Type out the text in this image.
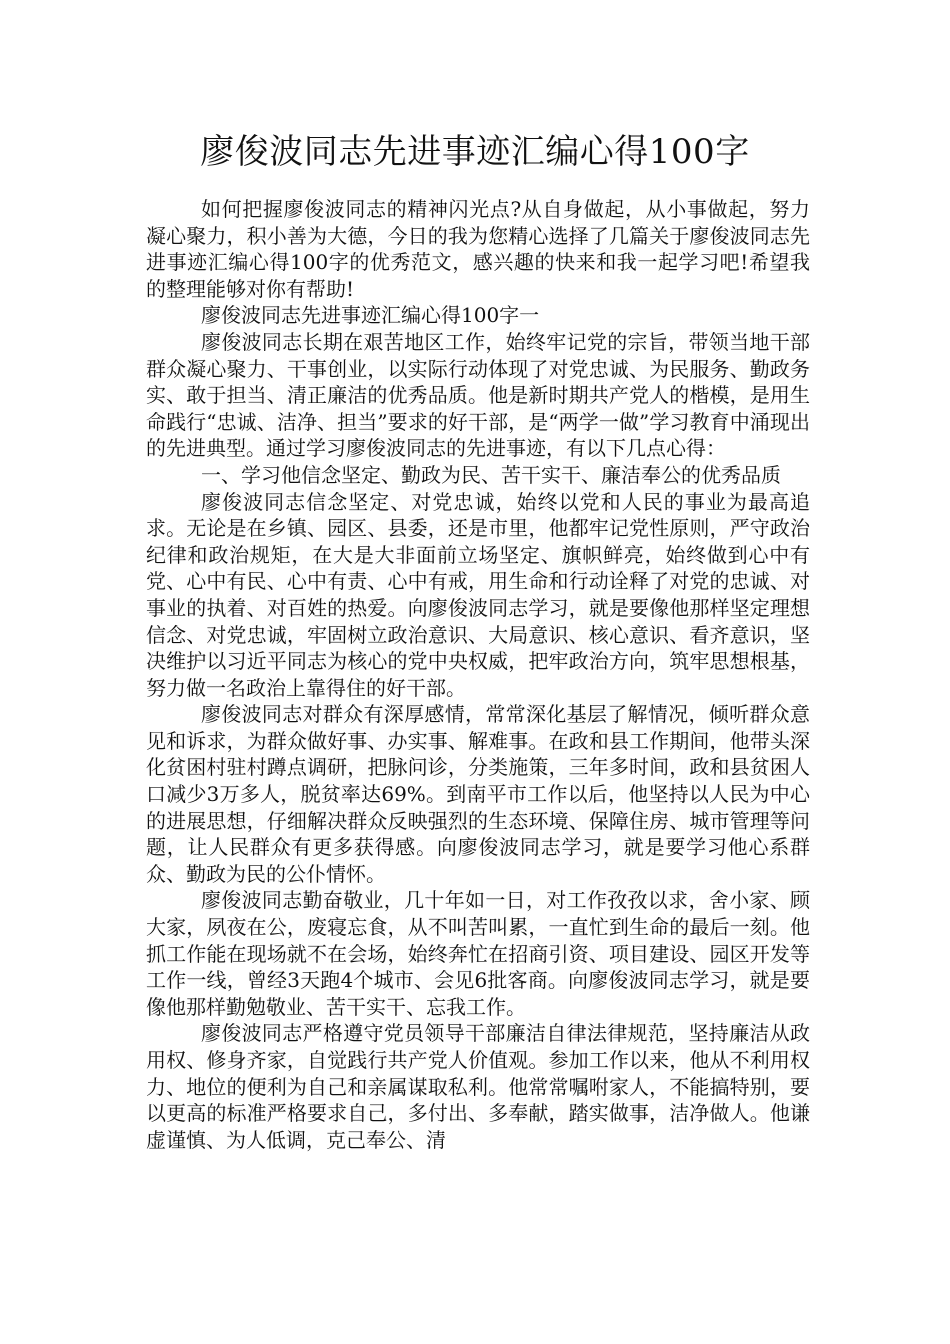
廖俊波同志先进事迹汇编心得100字

如何把握廖俊波同志的精神闪光点?从自身做起，从小事做起，努力凝心聚力，积小善为大德，今日的我为您精心选择了几篇关于廖俊波同志先进事迹汇编心得100字的优秀范文，感兴趣的快来和我一起学习吧!希望我的整理能够对你有帮助!

廖俊波同志先进事迹汇编心得100字一

廖俊波同志长期在艰苦地区工作，始终牢记党的宗旨，带领当地干部群众凝心聚力、干事创业，以实际行动体现了对党忠诚、为民服务、勤政务实、敢于担当、清正廉洁的优秀品质。他是新时期共产党人的楷模，是用生命践行“忠诚、洁净、担当”要求的好干部，是“两学一做”学习教育中涌现出的先进典型。通过学习廖俊波同志的先进事迹，有以下几点心得：

一、学习他信念坚定、勤政为民、苦干实干、廉洁奉公的优秀品质

廖俊波同志信念坚定、对党忠诚，始终以党和人民的事业为最高追求。无论是在乡镇、园区、县委，还是市里，他都牢记党性原则，严守政治纪律和政治规矩，在大是大非面前立场坚定、旗帜鲜亮，始终做到心中有党、心中有民、心中有责、心中有戒，用生命和行动诠释了对党的忠诚、对事业的执着、对百姓的热爱。向廖俊波同志学习，就是要像他那样坚定理想信念、对党忠诚，牢固树立政治意识、大局意识、核心意识、看齐意识，坚决维护以习近平同志为核心的党中央权威，把牢政治方向，筑牢思想根基，努力做一名政治上靠得住的好干部。

廖俊波同志对群众有深厚感情，常常深化基层了解情况，倾听群众意见和诉求，为群众做好事、办实事、解难事。在政和县工作期间，他带头深化贫困村驻村蹲点调研，把脉问诊，分类施策，三年多时间，政和县贫困人口减少3万多人，脱贫率达69%。到南平市工作以后，他坚持以人民为中心的进展思想，仔细解决群众反映强烈的生态环境、保障住房、城市管理等问题，让人民群众有更多获得感。向廖俊波同志学习，就是要学习他心系群众、勤政为民的公仆情怀。

廖俊波同志勤奋敬业，几十年如一日，对工作孜孜以求，舍小家、顾大家，夙夜在公，废寝忘食，从不叫苦叫累，一直忙到生命的最后一刻。他抓工作能在现场就不在会场，始终奔忙在招商引资、项目建设、园区开发等工作一线，曾经3天跑4个城市、会见6批客商。向廖俊波同志学习，就是要像他那样勤勉敬业、苦干实干、忘我工作。

廖俊波同志严格遵守党员领导干部廉洁自律法律规范，坚持廉洁从政用权、修身齐家，自觉践行共产党人价值观。参加工作以来，他从不利用权力、地位的便利为自己和亲属谋取私利。他常常嘱咐家人，不能搞特别，要以更高的标准严格要求自己，多付出、多奉献，踏实做事，洁净做人。他谦虚谨慎、为人低调，克己奉公、清
